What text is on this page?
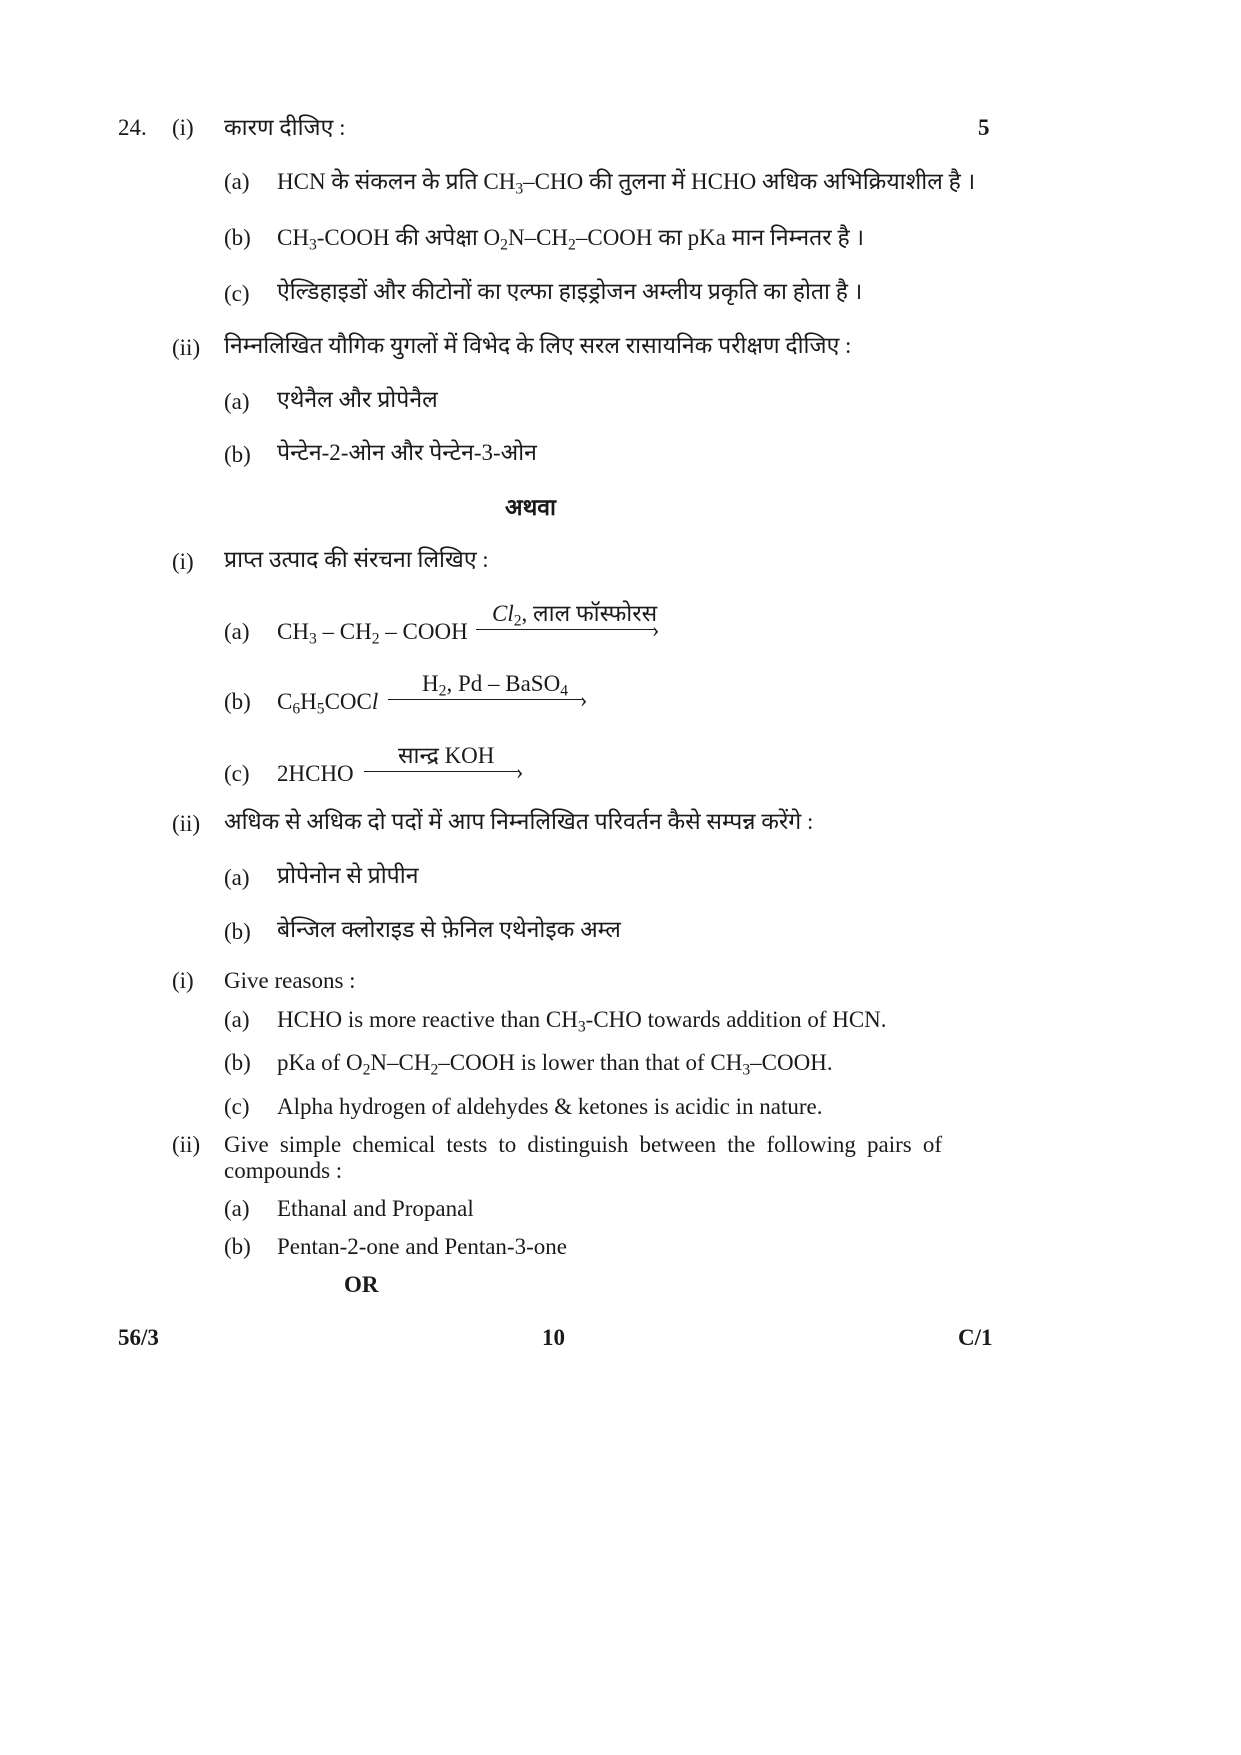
24. (i) कारण दीजिए :	5
(a) HCN के संकलन के प्रति $CH_3$–CHO की तुलना में HCHO अधिक अभिक्रियाशील है ।
(b) $CH_3$-COOH की अपेक्षा $O_2N-CH_2$–COOH का pKa मान निम्नतर है ।
(c) ऐल्डिहाइडों और कीटोनों का एल्फा हाइड्रोजन अम्लीय प्रकृति का होता है ।
(ii) निम्नलिखित यौगिक युगलों में विभेद के लिए सरल रासायनिक परीक्षण दीजिए :
(a) एथेनैल और प्रोपेनैल
(b) पेन्टेन-2-ओन और पेन्टेन-3-ओन
अथवा
(i) प्राप्त उत्पाद की संरचना लिखिए :
(a) $CH_3 - CH_2$ – COOH
$Cl_2$, लाल फॉस्फोरस
›
(b) $C_6H_5COCl$
$H_2$, Pd – BaSO$_4$ ›
(c) 2HCHO
सान्द्र KOH
›
(ii) अधिक से अधिक दो पदों में आप निम्नलिखित परिवर्तन कैसे सम्पन्न करेंगे :
(a) प्रोपेनोन से प्रोपीन
(b) बेन्जिल क्लोराइड से फ़ेनिल एथेनोइक अम्ल
(i) Give reasons :
(a) HCHO is more reactive than $CH_3$-CHO towards addition of HCN.
(b) pKa of $O_2N-CH_2$–COOH is lower than that of $CH_3$–COOH.
(c) Alpha hydrogen of aldehydes & ketones is acidic in nature.
(ii) Give simple chemical tests to distinguish between the following pairs of
compounds :
(a) Ethanal and Propanal
(b) Pentan-2-one and Pentan-3-one
OR
56/3	10	C/1
